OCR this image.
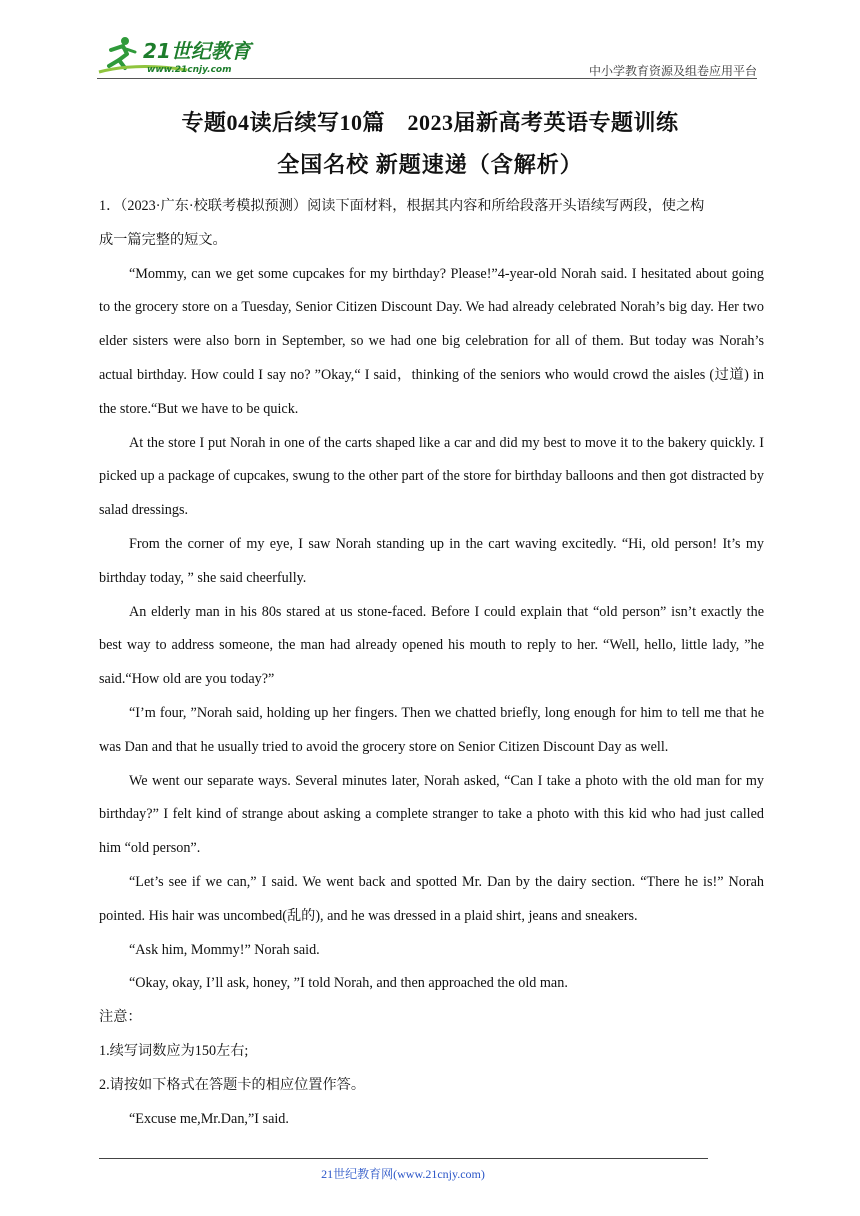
21世纪教育
www.21cnjy.com	中小学教育资源及组卷应用平台
专题04读后续写10篇　2023届新高考英语专题训练
全国名校 新题速递（含解析）

1．（2023·广东·校联考模拟预测）阅读下面材料，根据其内容和所给段落开头语续写两段，使之构
成一篇完整的短文。

“Mommy, can we get some cupcakes for my birthday? Please!”4-year-old Norah said. I hesitated about going to the grocery store on a Tuesday, Senior Citizen Discount Day. We had already celebrated Norah’s big day. Her two elder sisters were also born in September, so we had one big celebration for all of them. But today was Norah’s actual birthday. How could I say no? ”Okay,“ I said，thinking of the seniors who would crowd the aisles (过道) in the store.“But we have to be quick.

At the store I put Norah in one of the carts shaped like a car and did my best to move it to the bakery quickly. I picked up a package of cupcakes, swung to the other part of the store for birthday balloons and then got distracted by salad dressings.

From the corner of my eye, I saw Norah standing up in the cart waving excitedly. “Hi, old person! It’s my birthday today, ” she said cheerfully.

An elderly man in his 80s stared at us stone-faced. Before I could explain that “old person” isn’t exactly the best way to address someone, the man had already opened his mouth to reply to her. “Well, hello, little lady, ”he said.“How old are you today?”

“I’m four, ”Norah said, holding up her fingers. Then we chatted briefly, long enough for him to tell me that he was Dan and that he usually tried to avoid the grocery store on Senior Citizen Discount Day as well.

We went our separate ways. Several minutes later, Norah asked, “Can I take a photo with the old man for my birthday?” I felt kind of strange about asking a complete stranger to take a photo with this kid who had just called him “old person”.

“Let’s see if we can,” I said. We went back and spotted Mr. Dan by the dairy section. “There he is!” Norah pointed. His hair was uncombed(乱的), and he was dressed in a plaid shirt, jeans and sneakers.

“Ask him, Mommy!” Norah said.

“Okay, okay, I’ll ask, honey, ”I told Norah, and then approached the old man.

注意：

1.续写词数应为150左右;

2.请按如下格式在答题卡的相应位置作答。

“Excuse me,Mr.Dan,”I said.

21世纪教育网(www.21cnjy.com)
